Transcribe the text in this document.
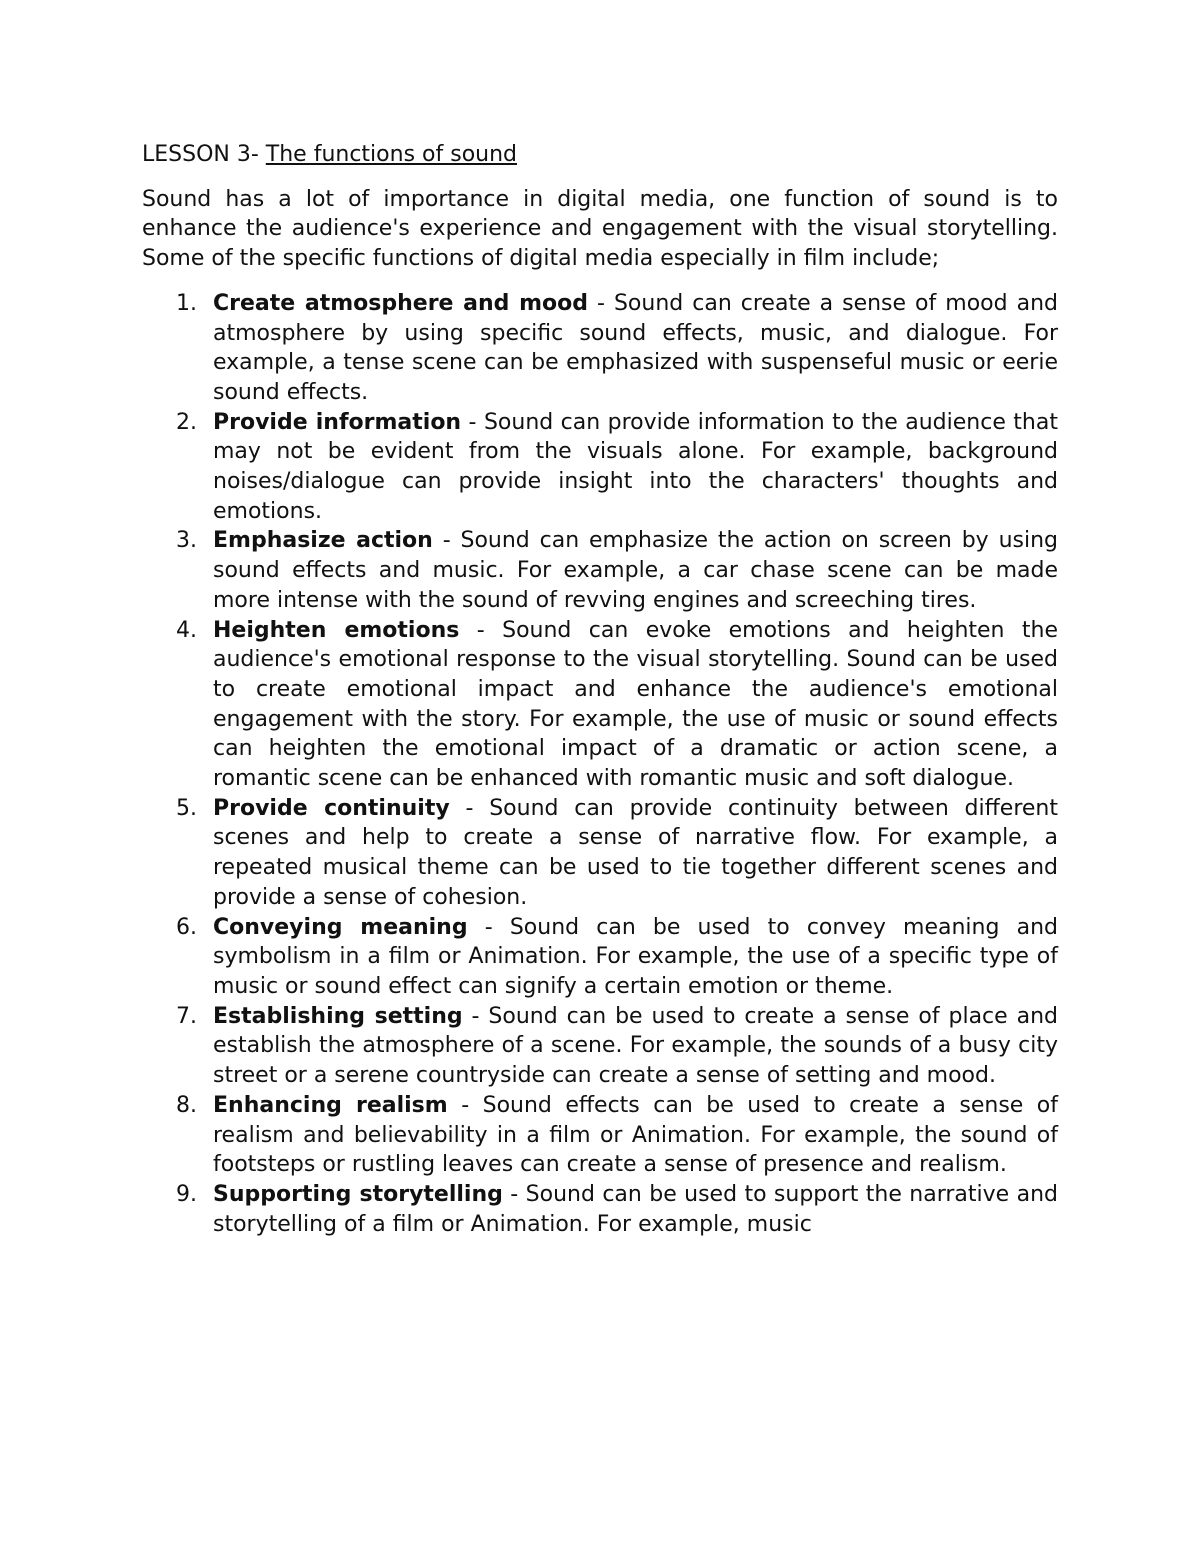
LESSON 3- The functions of sound

Sound has a lot of importance in digital media, one function of sound is to enhance the audience's experience and engagement with the visual storytelling. Some of the specific functions of digital media especially in film include;

1. Create atmosphere and mood - Sound can create a sense of mood and atmosphere by using specific sound effects, music, and dialogue. For example, a tense scene can be emphasized with suspenseful music or eerie sound effects.
2. Provide information - Sound can provide information to the audience that may not be evident from the visuals alone. For example, background noises/dialogue can provide insight into the characters' thoughts and emotions.
3. Emphasize action - Sound can emphasize the action on screen by using sound effects and music. For example, a car chase scene can be made more intense with the sound of revving engines and screeching tires.
4. Heighten emotions - Sound can evoke emotions and heighten the audience's emotional response to the visual storytelling. Sound can be used to create emotional impact and enhance the audience's emotional engagement with the story. For example, the use of music or sound effects can heighten the emotional impact of a dramatic or action scene, a romantic scene can be enhanced with romantic music and soft dialogue.
5. Provide continuity - Sound can provide continuity between different scenes and help to create a sense of narrative flow. For example, a repeated musical theme can be used to tie together different scenes and provide a sense of cohesion.
6. Conveying meaning - Sound can be used to convey meaning and symbolism in a film or Animation. For example, the use of a specific type of music or sound effect can signify a certain emotion or theme.
7. Establishing setting - Sound can be used to create a sense of place and establish the atmosphere of a scene. For example, the sounds of a busy city street or a serene countryside can create a sense of setting and mood.
8. Enhancing realism - Sound effects can be used to create a sense of realism and believability in a film or Animation. For example, the sound of footsteps or rustling leaves can create a sense of presence and realism.
9. Supporting storytelling - Sound can be used to support the narrative and storytelling of a film or Animation. For example, music
